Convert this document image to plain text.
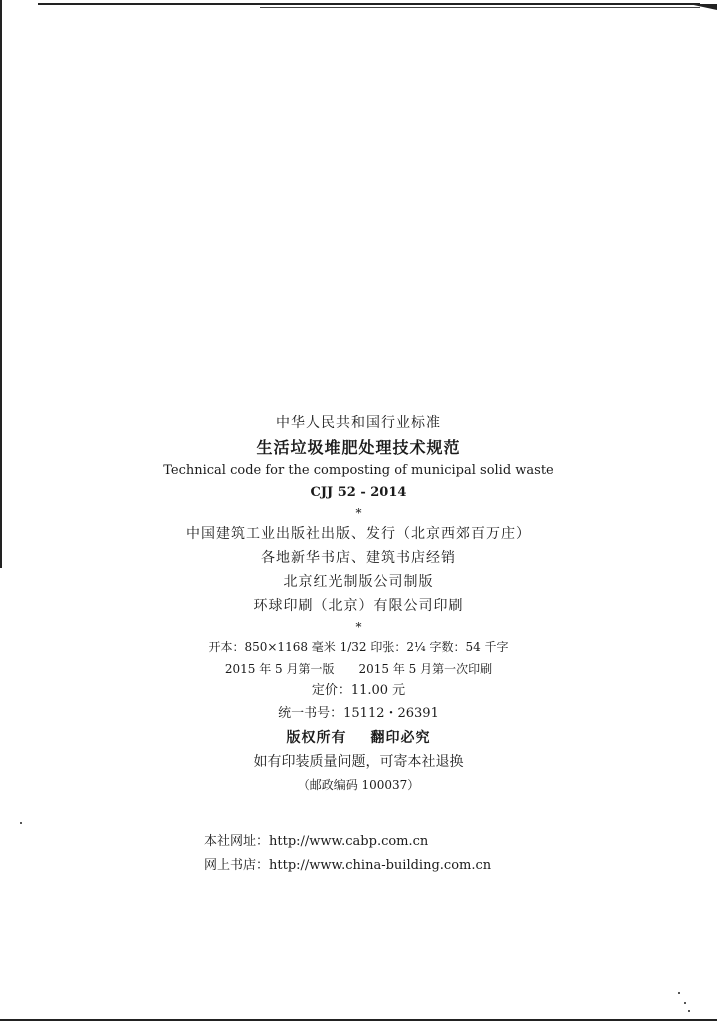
中华人民共和国行业标准

生活垃圾堆肥处理技术规范

Technical code for the composting of municipal solid waste

CJJ 52 - 2014

*

中国建筑工业出版社出版、发行（北京西郊百万庄）

各地新华书店、建筑书店经销

北京红光制版公司制版

环球印刷（北京）有限公司印刷

*

开本：850×1168 毫米 1/32 印张：2¼ 字数：54 千字

2015 年 5 月第一版 2015 年 5 月第一次印刷

定价：11.00 元

统一书号：15112・26391

版权所有 翻印必究

如有印装质量问题，可寄本社退换

（邮政编码 100037）

本社网址：http://www.cabp.com.cn
网上书店：http://www.china-building.com.cn
